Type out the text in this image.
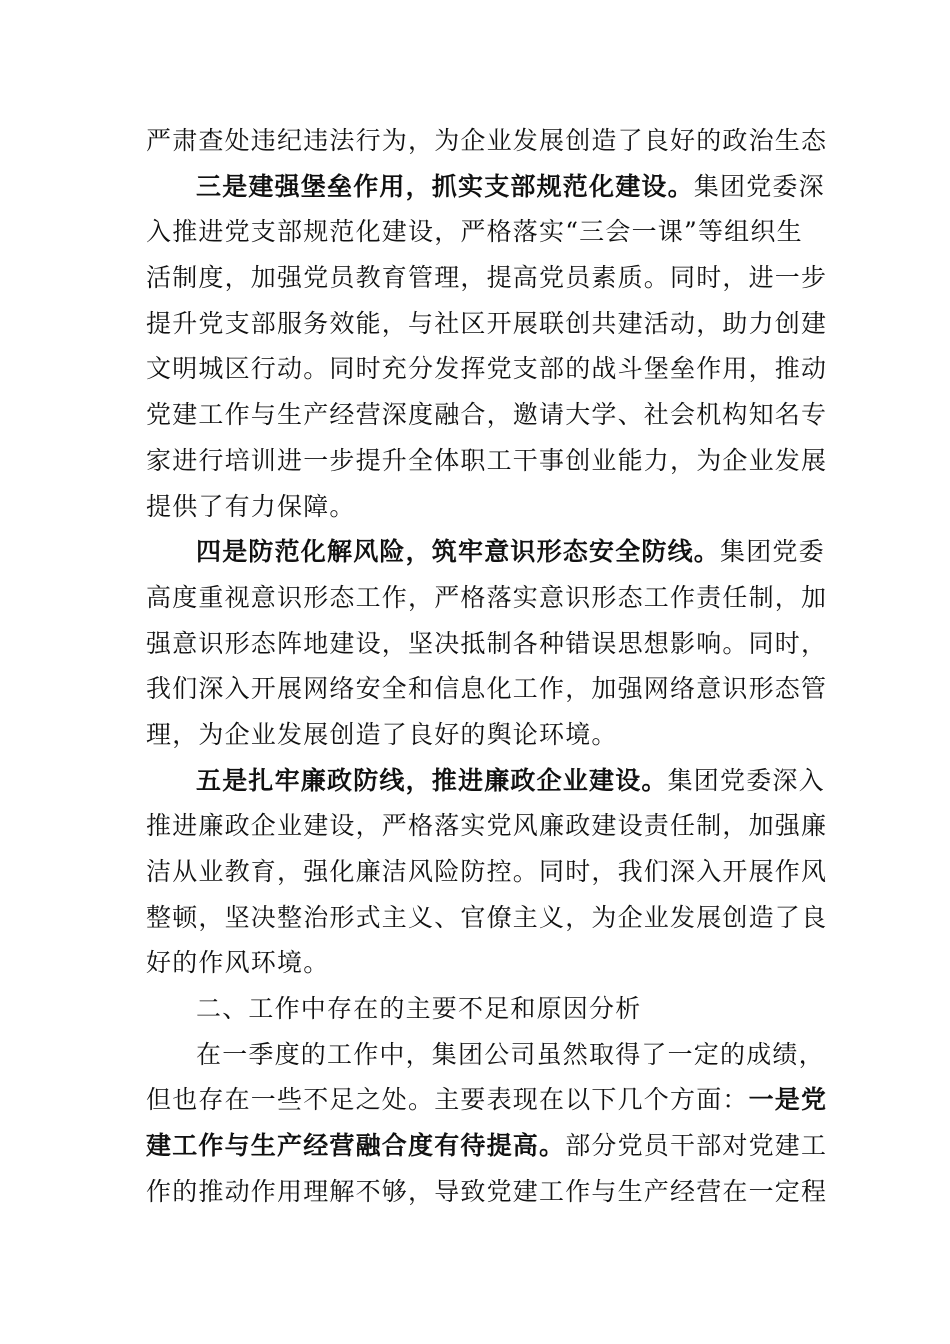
严肃查处违纪违法行为，为企业发展创造了良好的政治生态
三是建强堡垒作用，抓实支部规范化建设。集团党委深
入推进党支部规范化建设，严格落实“三会一课”等组织生
活制度，加强党员教育管理，提高党员素质。同时，进一步
提升党支部服务效能，与社区开展联创共建活动，助力创建
文明城区行动。同时充分发挥党支部的战斗堡垒作用，推动
党建工作与生产经营深度融合，邀请大学、社会机构知名专
家进行培训进一步提升全体职工干事创业能力，为企业发展
提供了有力保障。
四是防范化解风险，筑牢意识形态安全防线。集团党委
高度重视意识形态工作，严格落实意识形态工作责任制，加
强意识形态阵地建设，坚决抵制各种错误思想影响。同时，
我们深入开展网络安全和信息化工作，加强网络意识形态管
理，为企业发展创造了良好的舆论环境。
五是扎牢廉政防线，推进廉政企业建设。集团党委深入
推进廉政企业建设，严格落实党风廉政建设责任制，加强廉
洁从业教育，强化廉洁风险防控。同时，我们深入开展作风
整顿，坚决整治形式主义、官僚主义，为企业发展创造了良
好的作风环境。
二、工作中存在的主要不足和原因分析
在一季度的工作中，集团公司虽然取得了一定的成绩，
但也存在一些不足之处。主要表现在以下几个方面：一是党
建工作与生产经营融合度有待提高。部分党员干部对党建工
作的推动作用理解不够，导致党建工作与生产经营在一定程
